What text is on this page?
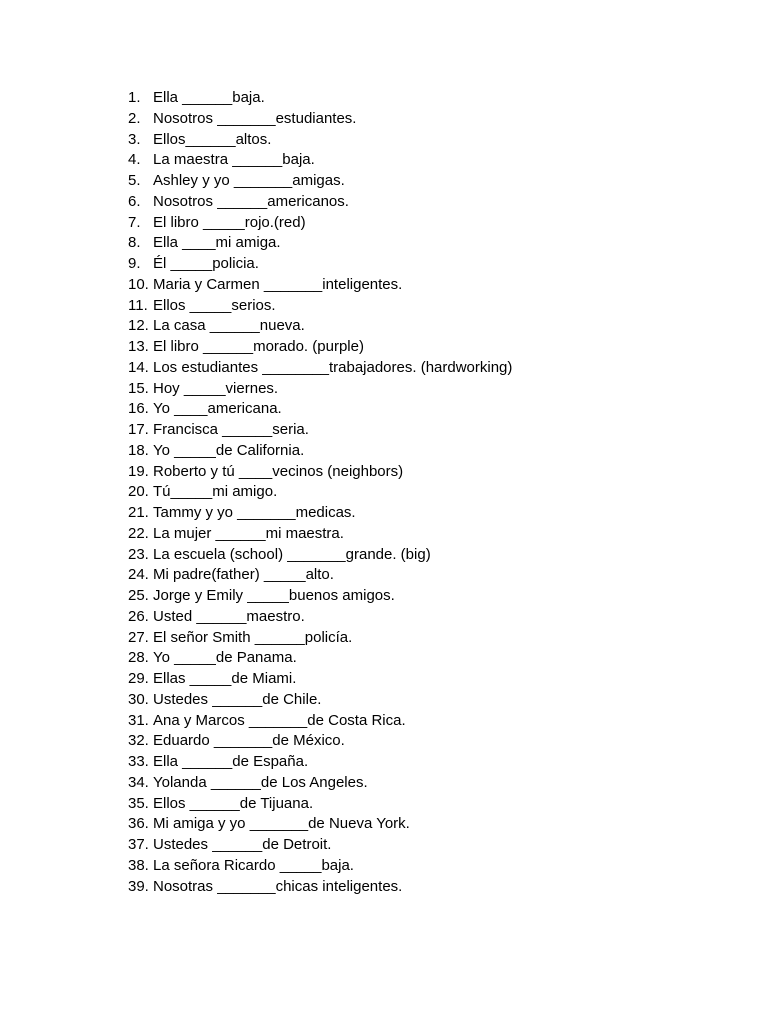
1. Ella ______baja.
2. Nosotros _______estudiantes.
3. Ellos______altos.
4. La maestra ______baja.
5. Ashley y yo _______amigas.
6. Nosotros ______americanos.
7. El libro _____rojo.(red)
8. Ella ____mi amiga.
9. Él _____policia.
10. Maria y Carmen _______inteligentes.
11. Ellos _____serios.
12. La casa ______nueva.
13. El libro ______morado. (purple)
14. Los estudiantes ________trabajadores. (hardworking)
15. Hoy _____viernes.
16. Yo ____americana.
17. Francisca ______seria.
18. Yo _____de California.
19. Roberto y tú ____vecinos (neighbors)
20. Tú_____mi amigo.
21. Tammy y yo _______medicas.
22. La mujer ______mi maestra.
23. La escuela (school) _______grande. (big)
24. Mi padre(father) _____alto.
25. Jorge y Emily _____buenos amigos.
26. Usted ______maestro.
27. El señor Smith ______policía.
28. Yo _____de Panama.
29. Ellas _____de Miami.
30. Ustedes ______de Chile.
31. Ana y Marcos _______de Costa Rica.
32. Eduardo _______de México.
33. Ella ______de España.
34. Yolanda ______de Los Angeles.
35. Ellos ______de Tijuana.
36. Mi amiga y yo _______de Nueva York.
37. Ustedes ______de Detroit.
38. La señora Ricardo _____baja.
39. Nosotras _______chicas inteligentes.
